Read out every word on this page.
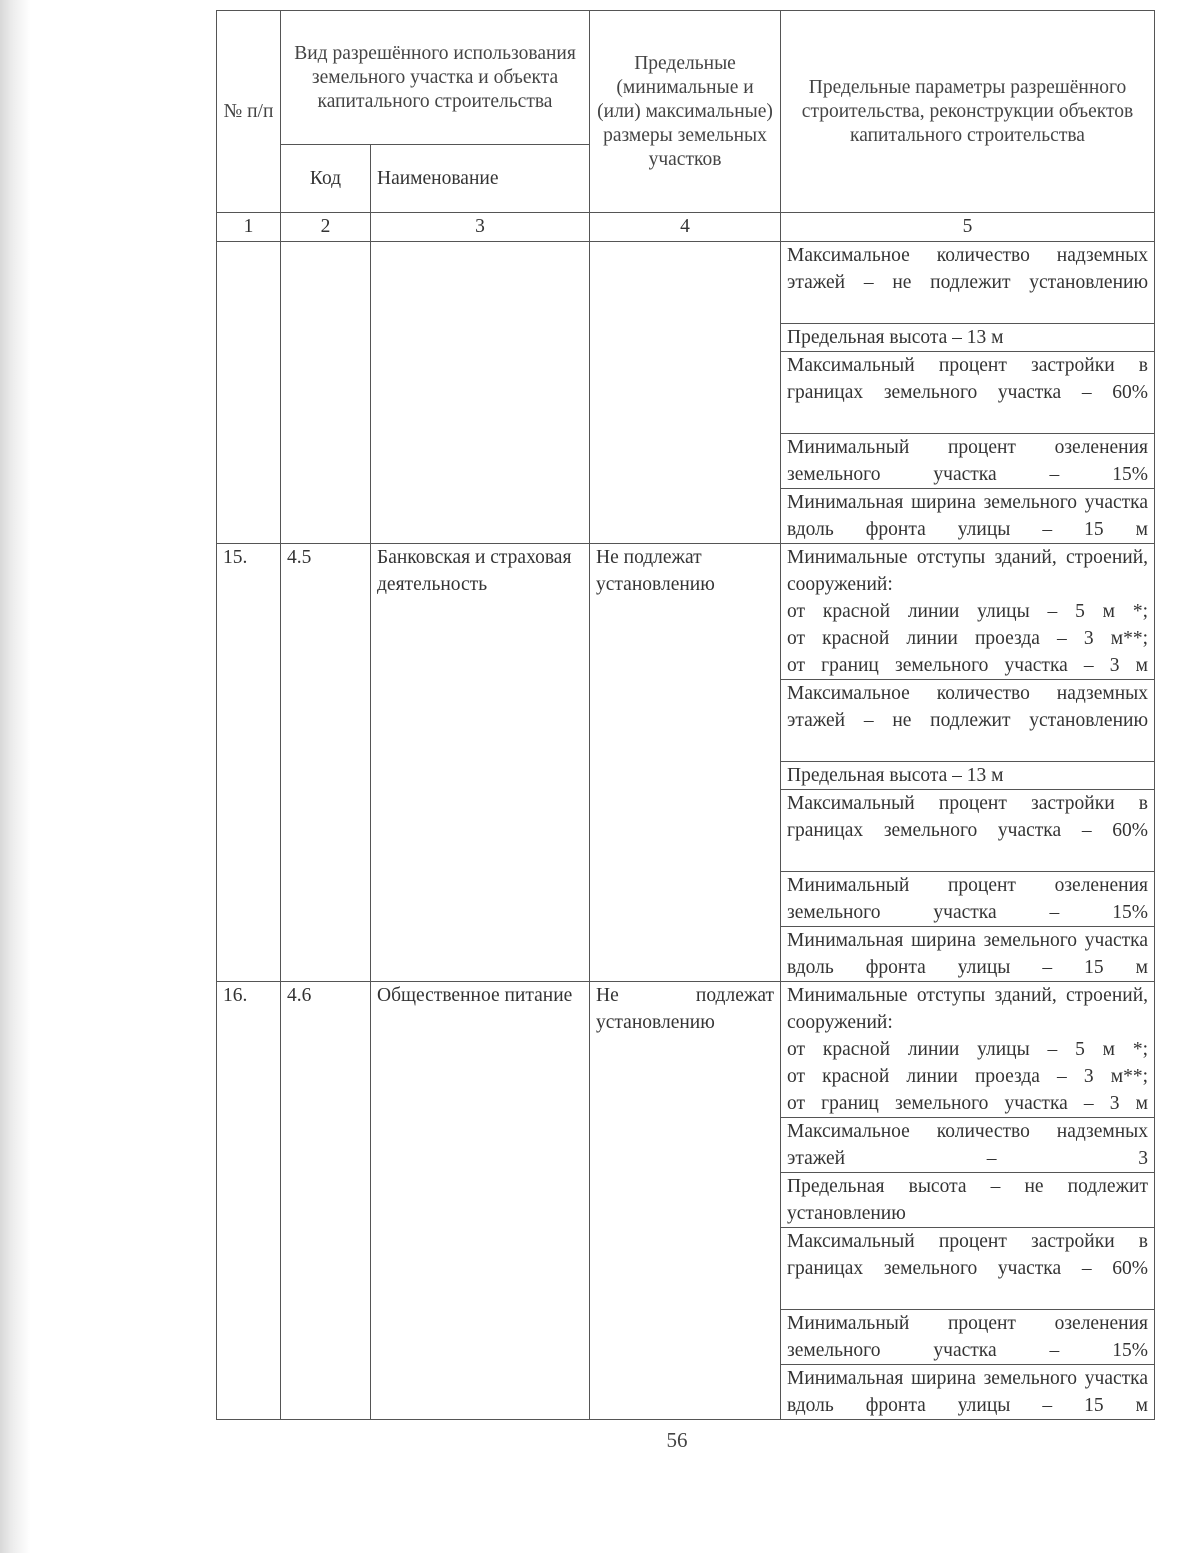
№ п/п	Вид разрешённого использования земельного участка и объекта капитального строительства	Предельные (минимальные и (или) максимальные) размеры земельных участков	Предельные параметры разрешённого строительства, реконструкции объектов капитального строительства
Код	Наименование
1	2	3	4	5

Максимальное количество надземных этажей – не подлежит установлению
Предельная высота – 13 м
Максимальный процент застройки в границах земельного участка – 60%
Минимальный процент озеленения земельного участка – 15%
Минимальная ширина земельного участка вдоль фронта улицы – 15 м

15.	4.5	Банковская и страховая деятельность	Не подлежат установлению	
Минимальные отступы зданий, строений, сооружений:
от красной линии улицы – 5 м *;
от красной линии проезда – 3 м**;
от границ земельного участка – 3 м
Максимальное количество надземных этажей – не подлежит установлению
Предельная высота – 13 м
Максимальный процент застройки в границах земельного участка – 60%
Минимальный процент озеленения земельного участка – 15%
Минимальная ширина земельного участка вдоль фронта улицы – 15 м

16.	4.6	Общественное питание	Не подлежат установлению	
Минимальные отступы зданий, строений, сооружений:
от красной линии улицы – 5 м *;
от красной линии проезда – 3 м**;
от границ земельного участка – 3 м
Максимальное количество надземных этажей – 3
Предельная высота – не подлежит установлению
Максимальный процент застройки в границах земельного участка – 60%
Минимальный процент озеленения земельного участка – 15%
Минимальная ширина земельного участка вдоль фронта улицы – 15 м
56
